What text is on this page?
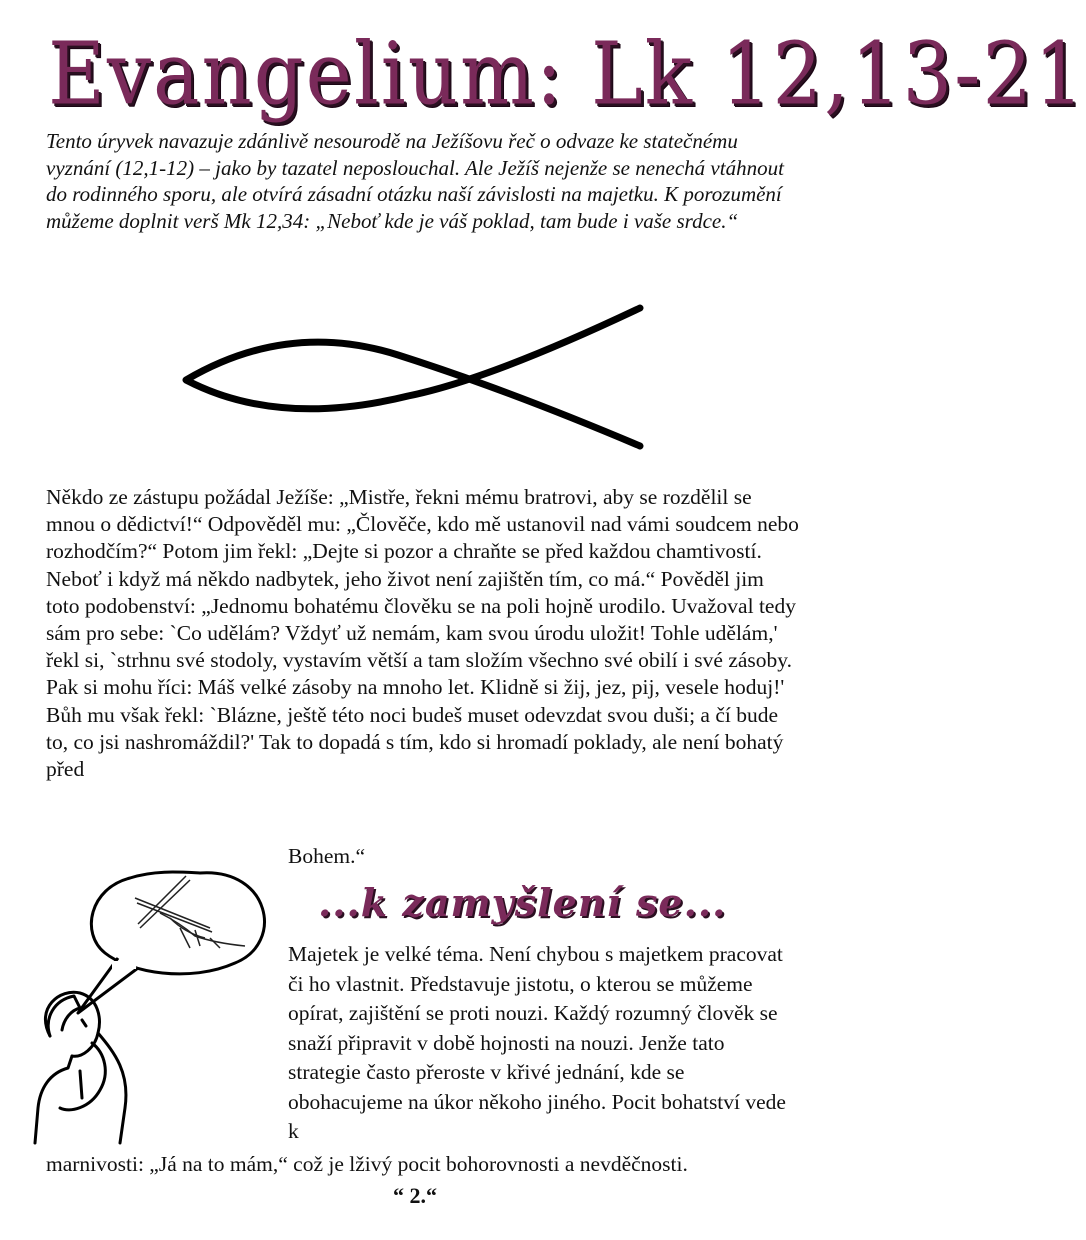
Evangelium: Lk 12,13-21

Tento úryvek navazuje zdánlivě nesourodě na Ježíšovu řeč o odvaze ke statečnému vyznání (12,1-12) – jako by tazatel neposlouchal. Ale Ježíš nejenže se nenechá vtáhnout do rodinného sporu, ale otvírá zásadní otázku naší závislosti na majetku. K porozumění můžeme doplnit verš Mk 12,34: „Neboť kde je váš poklad, tam bude i vaše srdce.“

Někdo ze zástupu požádal Ježíše: „Mistře, řekni mému bratrovi, aby se rozdělil se mnou o dědictví!“ Odpověděl mu: „Člověče, kdo mě ustanovil nad vámi soudcem nebo rozhodčím?“ Potom jim řekl: „Dejte si pozor a chraňte se před každou chamtivostí. Neboť i když má někdo nadbytek, jeho život není zajištěn tím, co má.“ Pověděl jim toto podobenství: „Jednomu bohatému člověku se na poli hojně urodilo. Uvažoval tedy sám pro sebe: `Co udělám? Vždyť už nemám, kam svou úrodu uložit! Tohle udělám,' řekl si, `strhnu své stodoly, vystavím větší a tam složím všechno své obilí i své zásoby. Pak si mohu říci: Máš velké zásoby na mnoho let. Klidně si žij, jez, pij, vesele hoduj!' Bůh mu však řekl: `Blázne, ještě této noci budeš muset odevzdat svou duši; a čí bude to, co jsi nashromáždil?' Tak to dopadá s tím, kdo si hromadí poklady, ale není bohatý před

Bohem.“

...k zamyšlení se...

Majetek je velké téma. Není chybou s majetkem pracovat či ho vlastnit. Představuje jistotu, o kterou se můžeme opírat, zajištění se proti nouzi. Každý rozumný člověk se snaží připravit v době hojnosti na nouzi. Jenže tato strategie často přeroste v křivé jednání, kde se obohacujeme na úkor někoho jiného. Pocit bohatství vede k

marnivosti: „Já na to mám,“ což je lživý pocit bohorovnosti a nevděčnosti.

“ 2.“
